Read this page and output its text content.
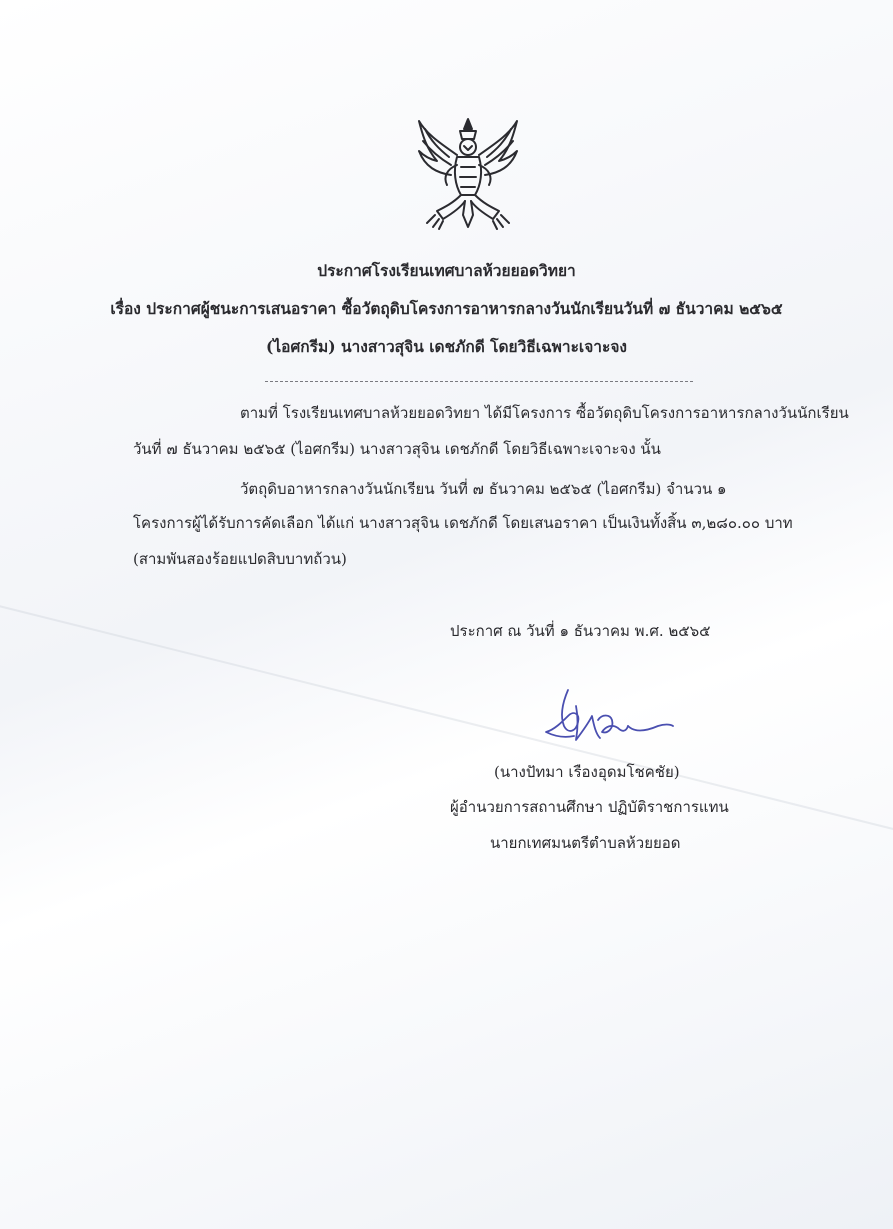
ประกาศโรงเรียนเทศบาลห้วยยอดวิทยา
เรื่อง ประกาศผู้ชนะการเสนอราคา ซื้อวัตถุดิบโครงการอาหารกลางวันนักเรียนวันที่ ๗ ธันวาคม ๒๕๖๕
(ไอศกรีม) นางสาวสุจิน เดชภักดี โดยวิธีเฉพาะเจาะจง
ตามที่ โรงเรียนเทศบาลห้วยยอดวิทยา ได้มีโครงการ ซื้อวัตถุดิบโครงการอาหารกลางวันนักเรียน
วันที่ ๗ ธันวาคม ๒๕๖๕ (ไอศกรีม) นางสาวสุจิน เดชภักดี โดยวิธีเฉพาะเจาะจง นั้น
วัตถุดิบอาหารกลางวันนักเรียน วันที่ ๗ ธันวาคม ๒๕๖๕ (ไอศกรีม) จำนวน ๑
โครงการผู้ได้รับการคัดเลือก ได้แก่ นางสาวสุจิน เดชภักดี โดยเสนอราคา เป็นเงินทั้งสิ้น ๓,๒๘๐.๐๐ บาท
(สามพันสองร้อยแปดสิบบาทถ้วน)
ประกาศ ณ วันที่ ๑ ธันวาคม พ.ศ. ๒๕๖๕
(นางปัทมา เรืองอุดมโชคชัย)
ผู้อำนวยการสถานศึกษา ปฏิบัติราชการแทน
นายกเทศมนตรีตำบลห้วยยอด
